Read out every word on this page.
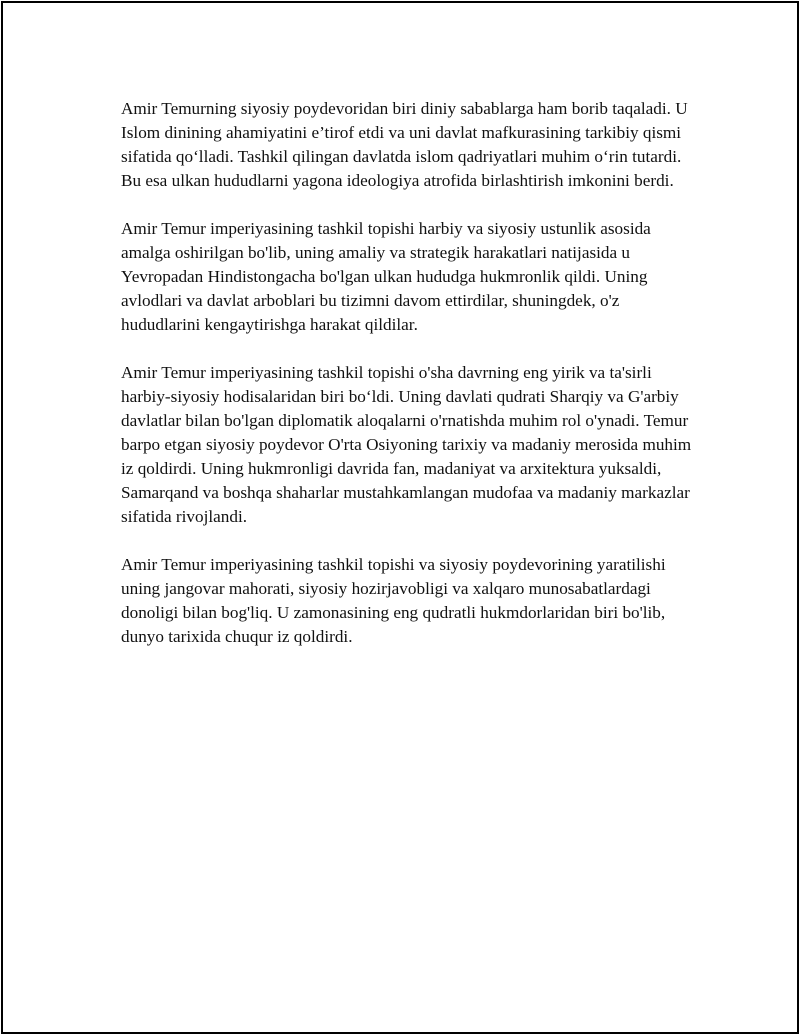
Amir Temurning siyosiy poydevoridan biri diniy sabablarga ham borib taqaladi. U Islom dinining ahamiyatini e’tirof etdi va uni davlat mafkurasining tarkibiy qismi sifatida qo‘lladi. Tashkil qilingan davlatda islom qadriyatlari muhim o‘rin tutardi. Bu esa ulkan hududlarni yagona ideologiya atrofida birlashtirish imkonini berdi.

Amir Temur imperiyasining tashkil topishi harbiy va siyosiy ustunlik asosida amalga oshirilgan bo'lib, uning amaliy va strategik harakatlari natijasida u Yevropadan Hindistongacha bo'lgan ulkan hududga hukmronlik qildi. Uning avlodlari va davlat arboblari bu tizimni davom ettirdilar, shuningdek, o'z hududlarini kengaytirishga harakat qildilar.

Amir Temur imperiyasining tashkil topishi o'sha davrning eng yirik va ta'sirli harbiy-siyosiy hodisalaridan biri bo‘ldi. Uning davlati qudrati Sharqiy va G'arbiy davlatlar bilan bo'lgan diplomatik aloqalarni o'rnatishda muhim rol o'ynadi. Temur barpo etgan siyosiy poydevor O'rta Osiyoning tarixiy va madaniy merosida muhim iz qoldirdi. Uning hukmronligi davrida fan, madaniyat va arxitektura yuksaldi, Samarqand va boshqa shaharlar mustahkamlangan mudofaa va madaniy markazlar sifatida rivojlandi.

Amir Temur imperiyasining tashkil topishi va siyosiy poydevorining yaratilishi uning jangovar mahorati, siyosiy hozirjavobligi va xalqaro munosabatlardagi donoligi bilan bog'liq. U zamonasining eng qudratli hukmdorlaridan biri bo'lib, dunyo tarixida chuqur iz qoldirdi.
